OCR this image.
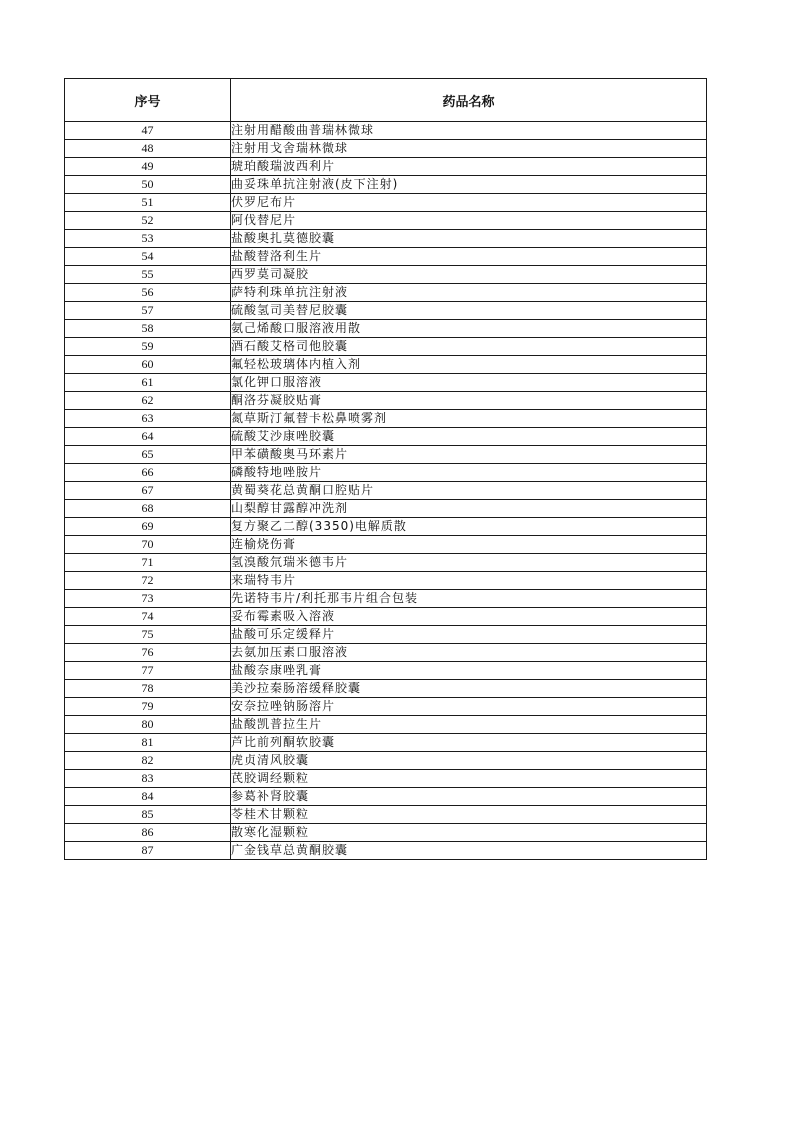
序号	药品名称
47	注射用醋酸曲普瑞林微球
48	注射用戈舍瑞林微球
49	琥珀酸瑞波西利片
50	曲妥珠单抗注射液(皮下注射)
51	伏罗尼布片
52	阿伐替尼片
53	盐酸奥扎莫德胶囊
54	盐酸替洛利生片
55	西罗莫司凝胶
56	萨特利珠单抗注射液
57	硫酸氢司美替尼胶囊
58	氨己烯酸口服溶液用散
59	酒石酸艾格司他胶囊
60	氟轻松玻璃体内植入剂
61	氯化钾口服溶液
62	酮洛芬凝胶贴膏
63	氮草斯汀氟替卡松鼻喷雾剂
64	硫酸艾沙康唑胶囊
65	甲苯磺酸奥马环素片
66	磷酸特地唑胺片
67	黄蜀葵花总黄酮口腔贴片
68	山梨醇甘露醇冲洗剂
69	复方聚乙二醇(3350)电解质散
70	连榆烧伤膏
71	氢溴酸氘瑞米德韦片
72	来瑞特韦片
73	先诺特韦片/利托那韦片组合包装
74	妥布霉素吸入溶液
75	盐酸可乐定缓释片
76	去氨加压素口服溶液
77	盐酸奈康唑乳膏
78	美沙拉秦肠溶缓释胶囊
79	安奈拉唑钠肠溶片
80	盐酸凯普拉生片
81	芦比前列酮软胶囊
82	虎贞清风胶囊
83	芪胶调经颗粒
84	参葛补肾胶囊
85	苓桂术甘颗粒
86	散寒化湿颗粒
87	广金钱草总黄酮胶囊
